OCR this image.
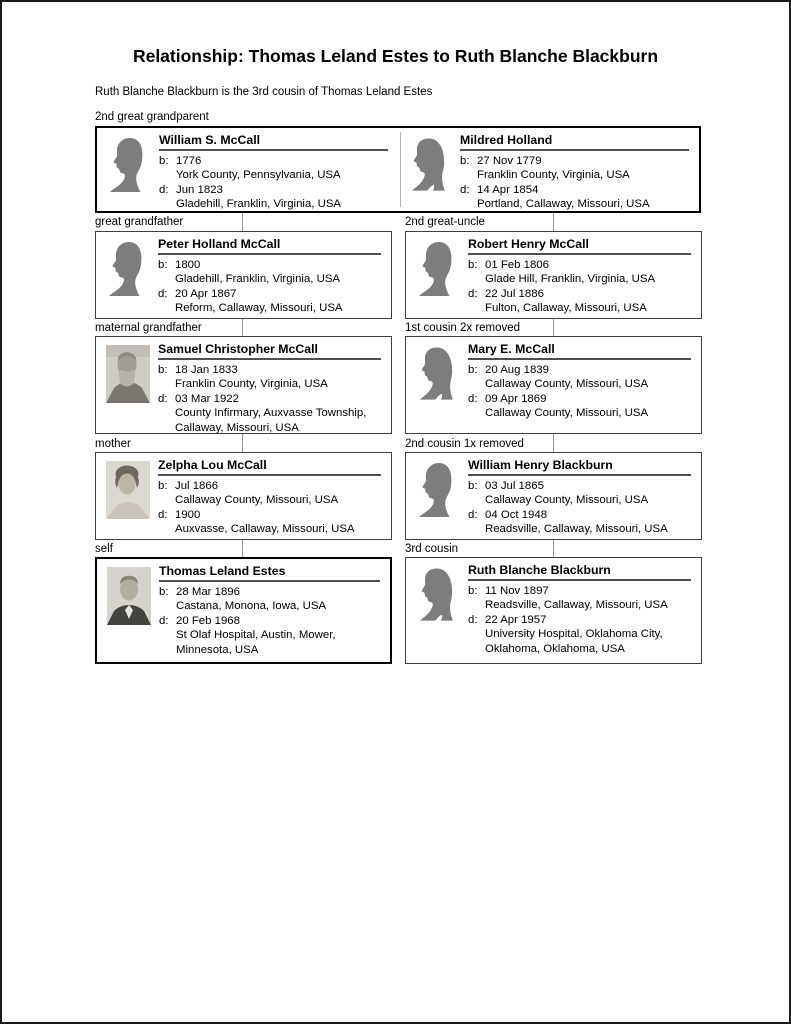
Relationship: Thomas Leland Estes to Ruth Blanche Blackburn
Ruth Blanche Blackburn is the 3rd cousin of Thomas Leland Estes
2nd great grandparent
William S. McCall
b: 1776
York County, Pennsylvania, USA
d: Jun 1823
Gladehill, Franklin, Virginia, USA
Mildred Holland
b: 27 Nov 1779
Franklin County, Virginia, USA
d: 14 Apr 1854
Portland, Callaway, Missouri, USA
great grandfather	2nd great-uncle
Peter Holland McCall
b: 1800
Gladehill, Franklin, Virginia, USA
d: 20 Apr 1867
Reform, Callaway, Missouri, USA
Robert Henry McCall
b: 01 Feb 1806
Glade Hill, Franklin, Virginia, USA
d: 22 Jul 1886
Fulton, Callaway, Missouri, USA
maternal grandfather	1st cousin 2x removed
Samuel Christopher McCall
b: 18 Jan 1833
Franklin County, Virginia, USA
d: 03 Mar 1922
County Infirmary, Auxvasse Township, Callaway, Missouri, USA
Mary E. McCall
b: 20 Aug 1839
Callaway County, Missouri, USA
d: 09 Apr 1869
Callaway County, Missouri, USA
mother	2nd cousin 1x removed
Zelpha Lou McCall
b: Jul 1866
Callaway County, Missouri, USA
d: 1900
Auxvasse, Callaway, Missouri, USA
William Henry Blackburn
b: 03 Jul 1865
Callaway County, Missouri, USA
d: 04 Oct 1948
Readsville, Callaway, Missouri, USA
self	3rd cousin
Thomas Leland Estes
b: 28 Mar 1896
Castana, Monona, Iowa, USA
d: 20 Feb 1968
St Olaf Hospital, Austin, Mower, Minnesota, USA
Ruth Blanche Blackburn
b: 11 Nov 1897
Readsville, Callaway, Missouri, USA
d: 22 Apr 1957
University Hospital, Oklahoma City, Oklahoma, Oklahoma, USA
